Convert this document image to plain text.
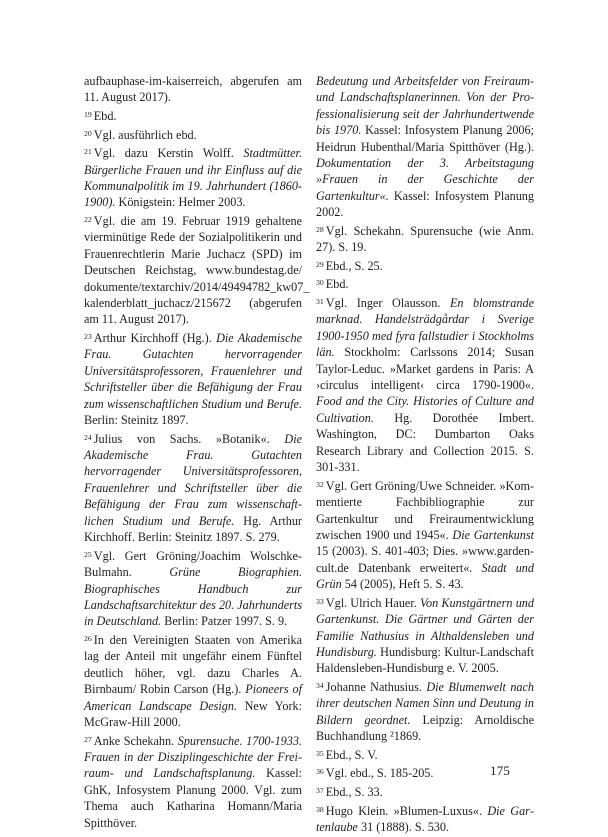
aufbauphase-im-kaiserreich, abgerufen am 11. August 2017).

$^{19}$ Ebd.

$^{20}$ Vgl. ausführlich ebd.

$^{21}$ Vgl. dazu Kerstin Wolff. Stadtmütter. Bürgerliche Frauen und ihr Einfluss auf die Kommunalpolitik im 19. Jahrhundert (1860-1900). Königstein: Helmer 2003.

$^{22}$ Vgl. die am 19. Februar 1919 gehaltene vierminütige Rede der Sozialpolitikerin und Frauenrechtlerin Marie Juchacz (SPD) im Deutschen Reichstag, www.bundestag.de/ dokumente/textarchiv/2014/49494782_kw07_ kalenderblatt_juchacz/215672 (abgerufen am 11. August 2017).

$^{23}$ Arthur Kirchhoff (Hg.). Die Akademische Frau. Gutachten hervorragender Universitätsprofessoren, Frauenlehrer und Schriftsteller über die Befähigung der Frau zum wissenschaftlichen Studium und Berufe. Berlin: Steinitz 1897.

$^{24}$ Julius von Sachs. »Botanik«. Die Akademische Frau. Gutachten hervorragender Universitätsprofessoren, Frauenlehrer und Schriftsteller über die Befähigung der Frau zum wissenschaftlichen Studium und Berufe. Hg. Arthur Kirchhoff. Berlin: Steinitz 1897. S. 279.

$^{25}$ Vgl. Gert Gröning/Joachim Wolschke-Bulmahn. Grüne Biographien. Biographisches Handbuch zur Landschaftsarchitektur des 20. Jahrhunderts in Deutschland. Berlin: Patzer 1997. S. 9.

$^{26}$ In den Vereinigten Staaten von Amerika lag der Anteil mit ungefähr einem Fünftel deutlich höher, vgl. dazu Charles A. Birnbaum/ Robin Carson (Hg.). Pioneers of American Landscape Design. New York: McGraw-Hill 2000.

$^{27}$ Anke Schekahn. Spurensuche. 1700-1933. Frauen in der Disziplingeschichte der Freiraum- und Landschaftsplanung. Kassel: GhK, Infosystem Planung 2000. Vgl. zum Thema auch Katharina Homann/Maria Spitthöver.

Bedeutung und Arbeitsfelder von Freiraum- und Landschaftsplanerinnen. Von der Professionalisierung seit der Jahrhundertwende bis 1970. Kassel: Infosystem Planung 2006; Heidrun Hubenthal/Maria Spitthöver (Hg.). Dokumentation der 3. Arbeitstagung »Frauen in der Geschichte der Gartenkultur«. Kassel: Infosystem Planung 2002.

$^{28}$ Vgl. Schekahn. Spurensuche (wie Anm. 27). S. 19.

$^{29}$ Ebd., S. 25.

$^{30}$ Ebd.

$^{31}$ Vgl. Inger Olausson. En blomstrande marknad. Handelsträdgårdar i Sverige 1900-1950 med fyra fallstudier i Stockholms län. Stockholm: Carlssons 2014; Susan Taylor-Leduc. »Market gardens in Paris: A ›circulus intelligent‹ circa 1790-1900«. Food and the City. Histories of Culture and Cultivation. Hg. Dorothée Imbert. Washington, DC: Dumbarton Oaks Research Library and Collection 2015. S. 301-331.

$^{32}$ Vgl. Gert Gröning/Uwe Schneider. »Kommentierte Fachbibliographie zur Gartenkultur und Freiraumentwicklung zwischen 1900 und 1945«. Die Gartenkunst 15 (2003). S. 401-403; Dies. »www.garden-cult.de Datenbank erweitert«. Stadt und Grün 54 (2005), Heft 5. S. 43.

$^{33}$ Vgl. Ulrich Hauer. Von Kunstgärtnern und Gartenkunst. Die Gärtner und Gärten der Familie Nathusius in Althaldensleben und Hundisburg. Hundisburg: Kultur-Landschaft Haldensleben-Hundisburg e. V. 2005.

$^{34}$ Johanne Nathusius. Die Blumenwelt nach ihrer deutschen Namen Sinn und Deutung in Bildern geordnet. Leipzig: Arnoldische Buchhandlung ²1869.

$^{35}$ Ebd., S. V.

$^{36}$ Vgl. ebd., S. 185-205.

$^{37}$ Ebd., S. 33.

$^{38}$ Hugo Klein. »Blumen-Luxus«. Die Gartenlaube 31 (1888). S. 530.

175
